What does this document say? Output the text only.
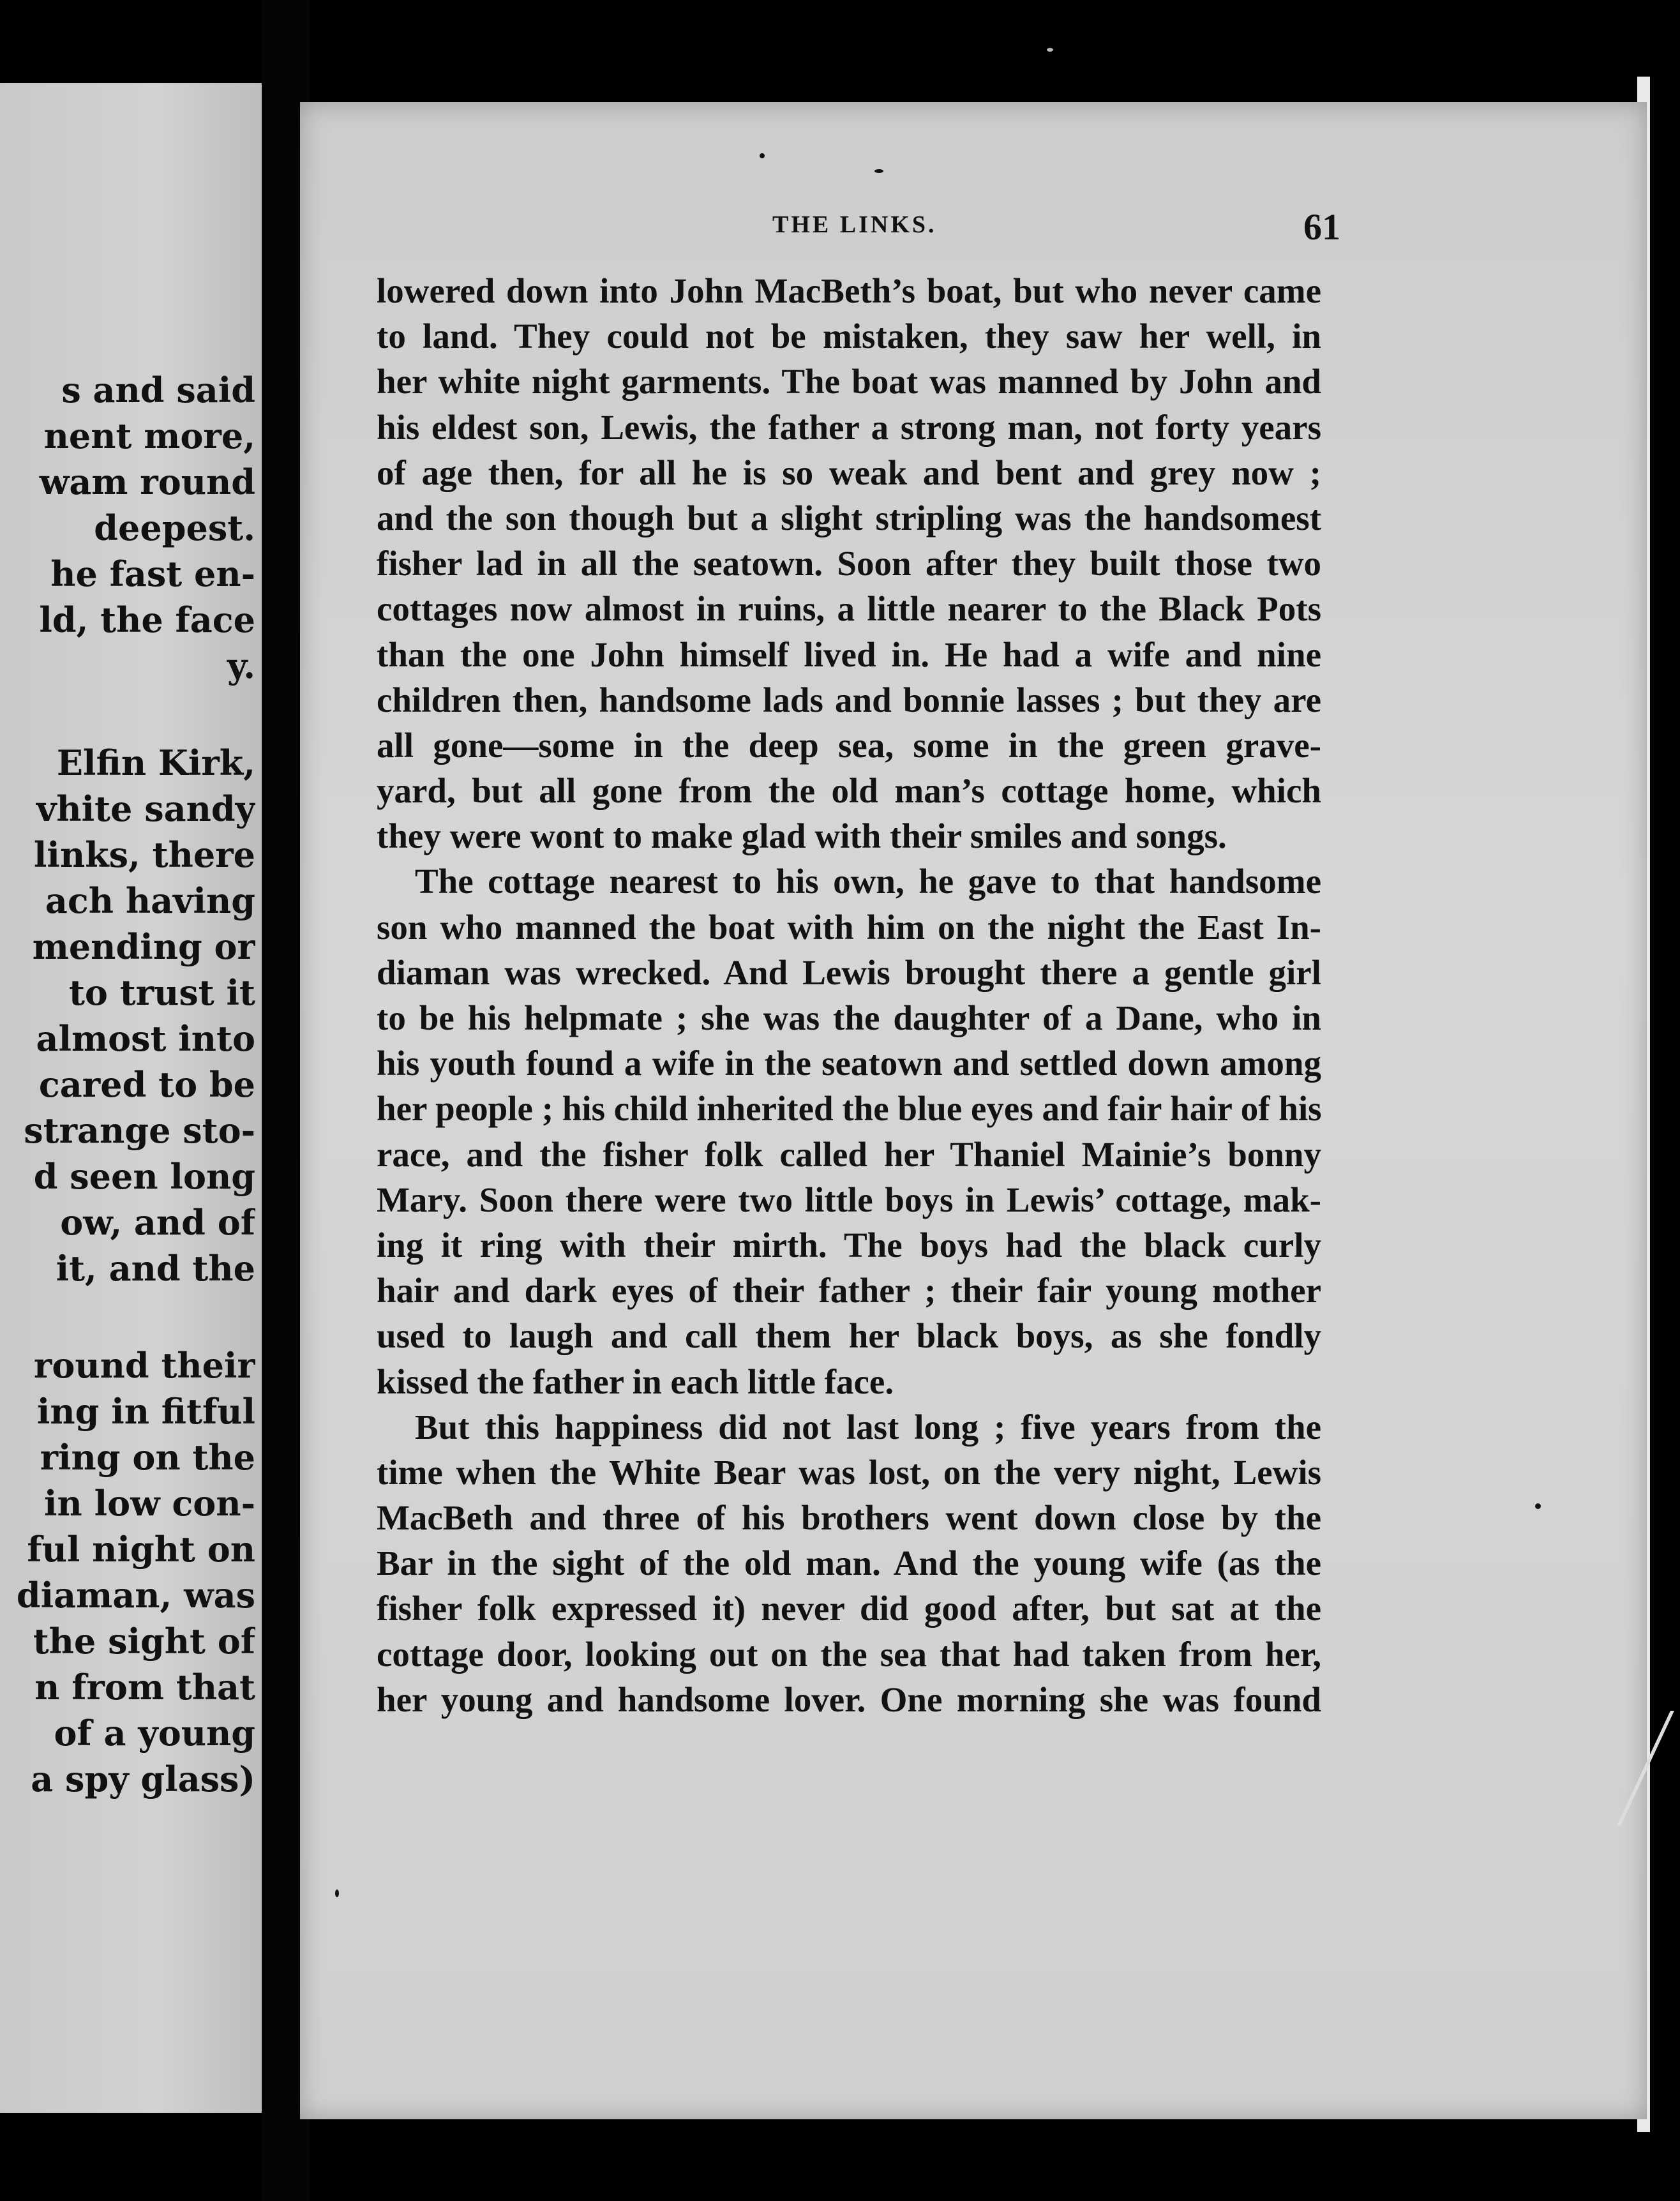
s and said
nent more,
wam round
deepest.
he fast en-
ld, the face
y.
Elfin Kirk,
vhite sandy
links, there
ach having
mending or
to trust it
almost into
cared to be
strange sto-
d seen long
ow, and of
it, and the
round their
ing in fitful
ring on the
in low con-
ful night on
diaman, was
the sight of
n from that
of a young
a spy glass)
THE LINKS.	61
lowered down into John MacBeth’s boat, but who never came
to land. They could not be mistaken, they saw her well, in
her white night garments. The boat was manned by John and
his eldest son, Lewis, the father a strong man, not forty years
of age then, for all he is so weak and bent and grey now ;
and the son though but a slight stripling was the handsomest
fisher lad in all the seatown. Soon after they built those two
cottages now almost in ruins, a little nearer to the Black Pots
than the one John himself lived in. He had a wife and nine
children then, handsome lads and bonnie lasses ; but they are
all gone—some in the deep sea, some in the green grave-
yard, but all gone from the old man’s cottage home, which
they were wont to make glad with their smiles and songs.
The cottage nearest to his own, he gave to that handsome
son who manned the boat with him on the night the East In-
diaman was wrecked. And Lewis brought there a gentle girl
to be his helpmate ; she was the daughter of a Dane, who in
his youth found a wife in the seatown and settled down among
her people ; his child inherited the blue eyes and fair hair of his
race, and the fisher folk called her Thaniel Mainie’s bonny
Mary. Soon there were two little boys in Lewis’ cottage, mak-
ing it ring with their mirth. The boys had the black curly
hair and dark eyes of their father ; their fair young mother
used to laugh and call them her black boys, as she fondly
kissed the father in each little face.
But this happiness did not last long ; five years from the
time when the White Bear was lost, on the very night, Lewis
MacBeth and three of his brothers went down close by the
Bar in the sight of the old man. And the young wife (as the
fisher folk expressed it) never did good after, but sat at the
cottage door, looking out on the sea that had taken from her,
her young and handsome lover. One morning she was found
